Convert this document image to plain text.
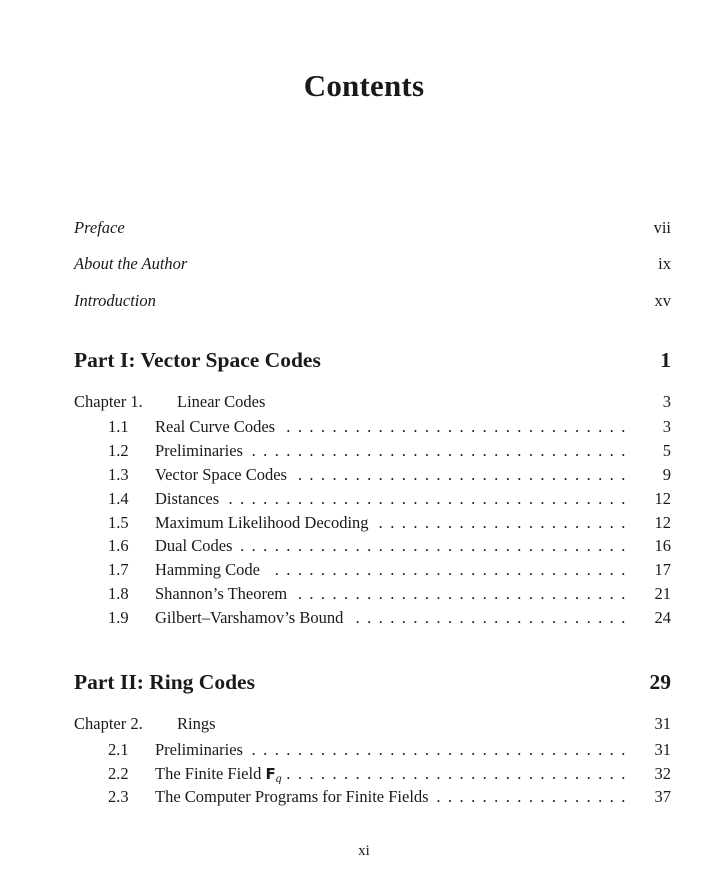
Contents
Preface	vii
About the Author	ix
Introduction	xv
Part I: Vector Space Codes	1
Chapter 1. Linear Codes	3
1.1 Real Curve Codes . . .	3
1.2 Preliminaries . . .	5
1.3 Vector Space Codes . . .	9
1.4 Distances . . .	12
1.5 Maximum Likelihood Decoding . . .	12
1.6 Dual Codes . . .	16
1.7 Hamming Code . . .	17
1.8 Shannon’s Theorem . . .	21
1.9 Gilbert–Varshamov’s Bound . . .	24
Part II: Ring Codes	29
Chapter 2. Rings	31
2.1 Preliminaries . . .	31
2.2 The Finite Field $F_q$ . . .	32
2.3 The Computer Programs for Finite Fields . . .	37
xi
